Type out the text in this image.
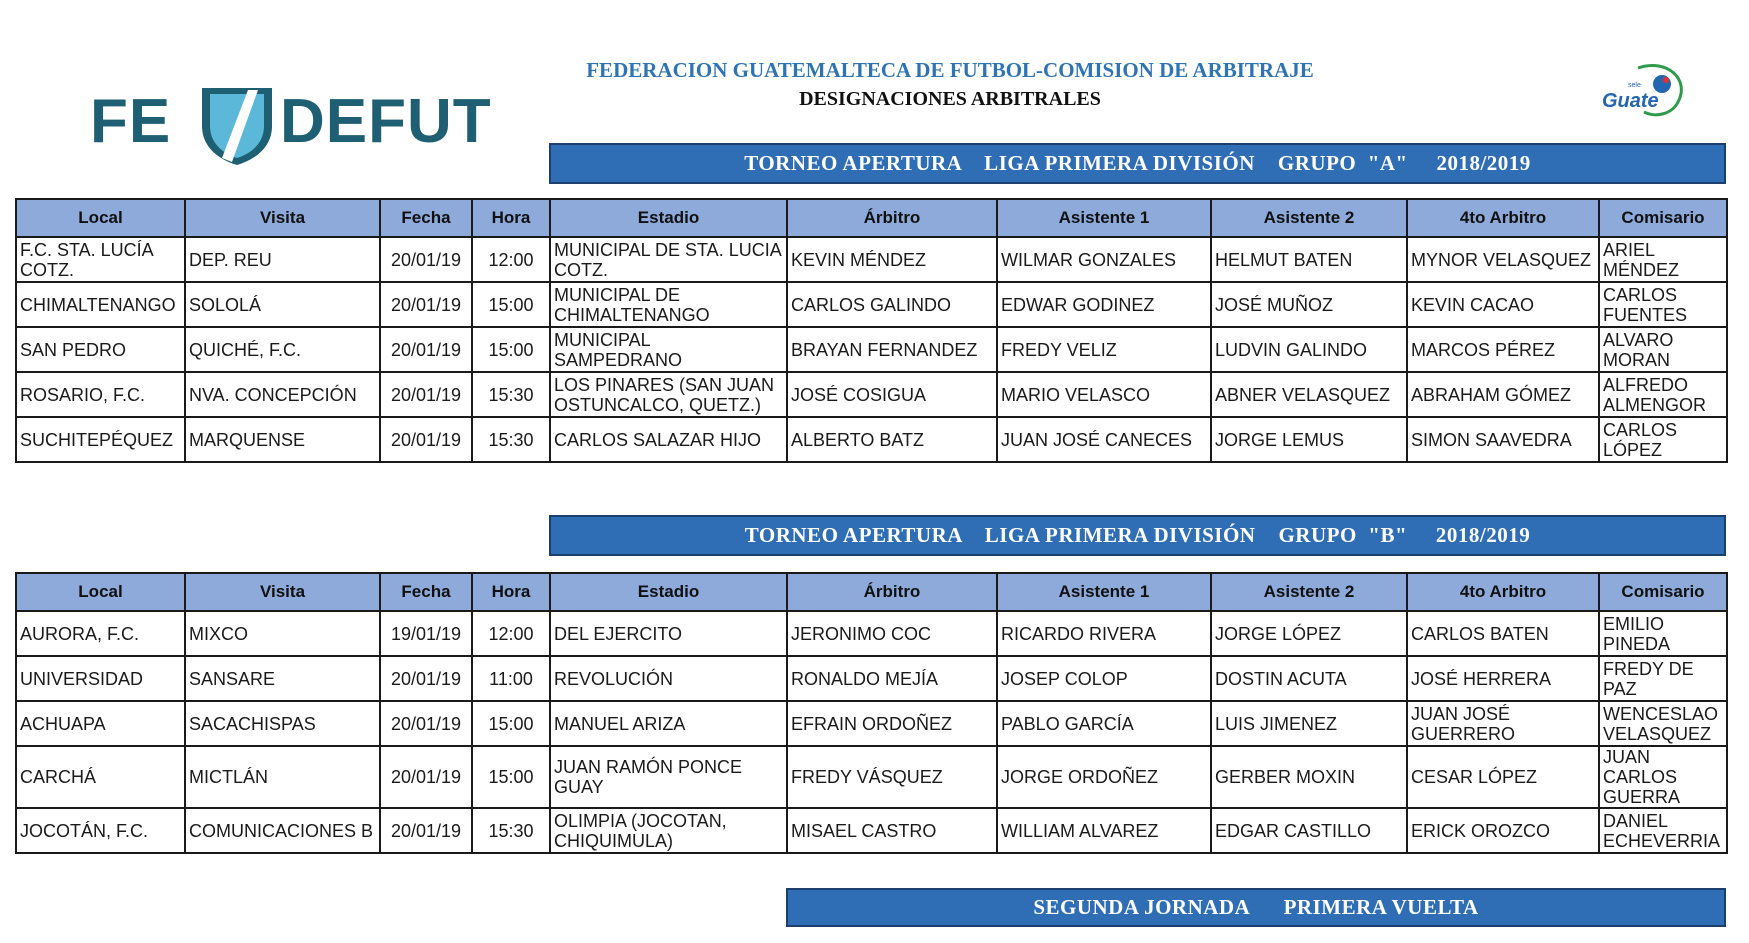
FE DEFUT
FEDERACION GUATEMALTECA DE FUTBOL-COMISION DE ARBITRAJE
DESIGNACIONES ARBITRALES
sele
Guate
TORNEO APERTURA    LIGA PRIMERA DIVISIÓN    GRUPO  "A"     2018/2019
Local	Visita	Fecha	Hora	Estadio	Árbitro	Asistente 1	Asistente 2	4to Arbitro	Comisario
F.C. STA. LUCÍA COTZ.	DEP. REU	20/01/19	12:00	MUNICIPAL DE STA. LUCIA COTZ.	KEVIN MÉNDEZ	WILMAR GONZALES	HELMUT BATEN	MYNOR VELASQUEZ	ARIEL MÉNDEZ
CHIMALTENANGO	SOLOLÁ	20/01/19	15:00	MUNICIPAL DE CHIMALTENANGO	CARLOS GALINDO	EDWAR GODINEZ	JOSÉ MUÑOZ	KEVIN CACAO	CARLOS FUENTES
SAN PEDRO	QUICHÉ, F.C.	20/01/19	15:00	MUNICIPAL SAMPEDRANO	BRAYAN FERNANDEZ	FREDY VELIZ	LUDVIN GALINDO	MARCOS PÉREZ	ALVARO MORAN
ROSARIO, F.C.	NVA. CONCEPCIÓN	20/01/19	15:30	LOS PINARES (SAN JUAN OSTUNCALCO, QUETZ.)	JOSÉ COSIGUA	MARIO VELASCO	ABNER VELASQUEZ	ABRAHAM GÓMEZ	ALFREDO ALMENGOR
SUCHITEPÉQUEZ	MARQUENSE	20/01/19	15:30	CARLOS SALAZAR HIJO	ALBERTO BATZ	JUAN JOSÉ CANECES	JORGE LEMUS	SIMON SAAVEDRA	CARLOS LÓPEZ
TORNEO APERTURA    LIGA PRIMERA DIVISIÓN    GRUPO  "B"     2018/2019
Local	Visita	Fecha	Hora	Estadio	Árbitro	Asistente 1	Asistente 2	4to Arbitro	Comisario
AURORA, F.C.	MIXCO	19/01/19	12:00	DEL EJERCITO	JERONIMO COC	RICARDO RIVERA	JORGE LÓPEZ	CARLOS BATEN	EMILIO PINEDA
UNIVERSIDAD	SANSARE	20/01/19	11:00	REVOLUCIÓN	RONALDO MEJÍA	JOSEP COLOP	DOSTIN ACUTA	JOSÉ HERRERA	FREDY DE PAZ
ACHUAPA	SACACHISPAS	20/01/19	15:00	MANUEL ARIZA	EFRAIN ORDOÑEZ	PABLO GARCÍA	LUIS JIMENEZ	JUAN JOSÉ GUERRERO	WENCESLAO VELASQUEZ
CARCHÁ	MICTLÁN	20/01/19	15:00	JUAN RAMÓN PONCE GUAY	FREDY VÁSQUEZ	JORGE ORDOÑEZ	GERBER MOXIN	CESAR LÓPEZ	JUAN CARLOS GUERRA
JOCOTÁN, F.C.	COMUNICACIONES B	20/01/19	15:30	OLIMPIA (JOCOTAN, CHIQUIMULA)	MISAEL CASTRO	WILLIAM ALVAREZ	EDGAR CASTILLO	ERICK OROZCO	DANIEL ECHEVERRIA
SEGUNDA JORNADA      PRIMERA VUELTA
